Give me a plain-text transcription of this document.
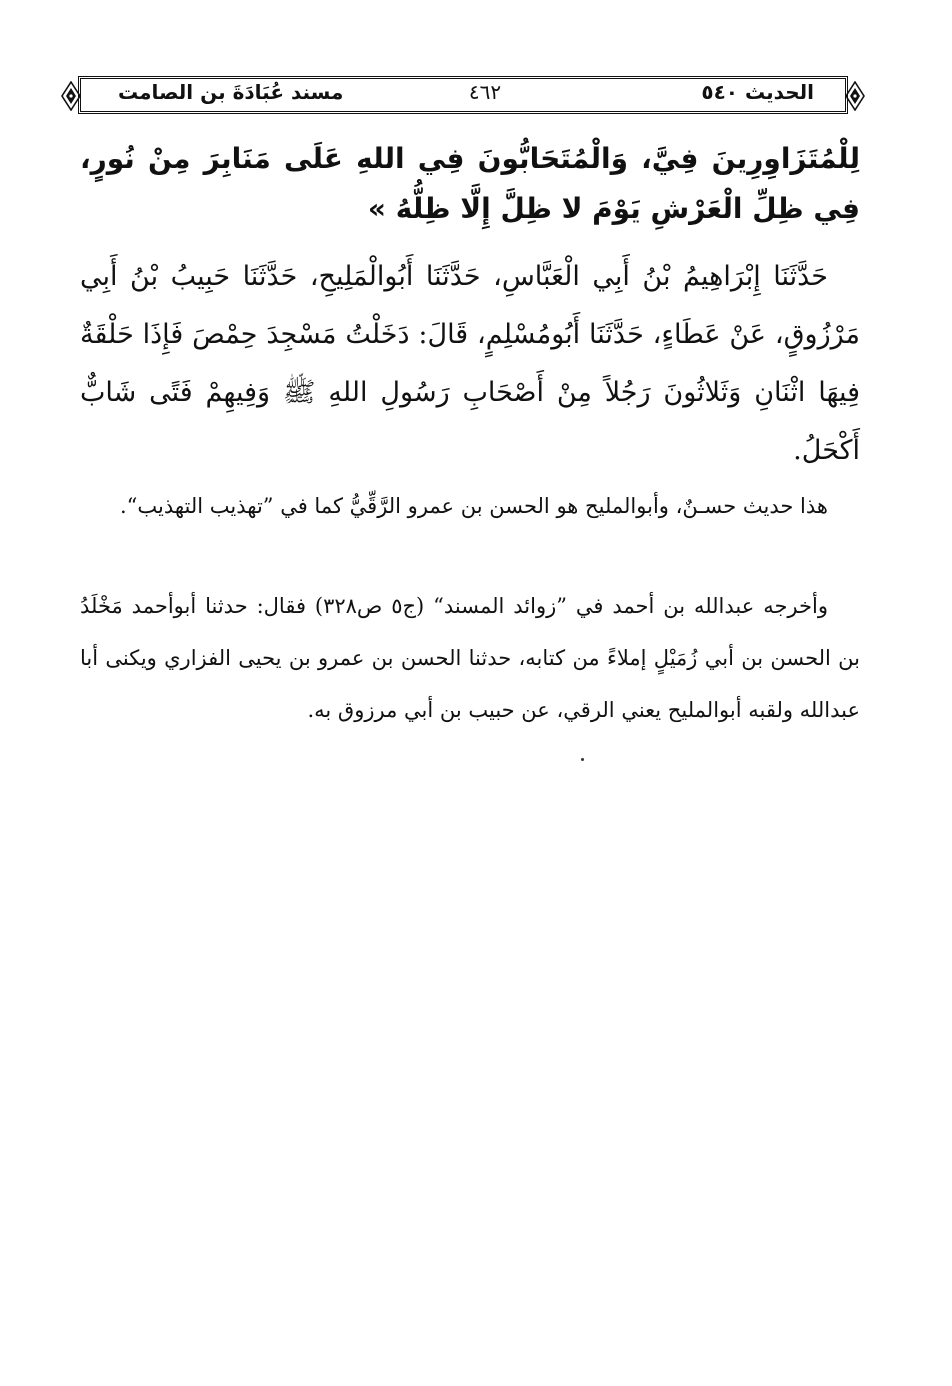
الحديث ٥٤٠
٤٦٢
مسند عُبَادَةَ بن الصامت
لِلْمُتَزَاوِرِينَ فِيَّ، وَالْمُتَحَابُّونَ فِي اللهِ عَلَى مَنَابِرَ مِنْ نُورٍ، فِي ظِلِّ الْعَرْشِ يَوْمَ لا ظِلَّ إِلَّا ظِلُّهُ »
حَدَّثَنَا إِبْرَاهِيمُ بْنُ أَبِي الْعَبَّاسِ، حَدَّثَنَا أَبُوالْمَلِيحِ، حَدَّثَنَا حَبِيبُ بْنُ أَبِي مَرْزُوقٍ، عَنْ عَطَاءٍ، حَدَّثَنَا أَبُومُسْلِمٍ، قَالَ: دَخَلْتُ مَسْجِدَ حِمْصَ فَإِذَا حَلْقَةٌ فِيهَا اثْنَانِ وَثَلاثُونَ رَجُلاً مِنْ أَصْحَابِ رَسُولِ اللهِ ﷺ وَفِيهِمْ فَتًى شَابٌّ أَكْحَلُ.
هذا حديث حسـنٌ، وأبوالمليح هو الحسن بن عمرو الرَّقِّيُّ كما في ”تهذيب التهذيب“.
وأخرجه عبدالله بن أحمد في ”زوائد المسند“ (ج٥ ص٣٢٨) فقال: حدثنا أبوأحمد مَخْلَدُ بن الحسن بن أبي زُمَيْلٍ إملاءً من كتابه، حدثنا الحسن بن عمرو بن يحيى الفزاري ويكنى أبا عبدالله ولقبه أبوالمليح يعني الرقي، عن حبيب بن أبي مرزوق به.
